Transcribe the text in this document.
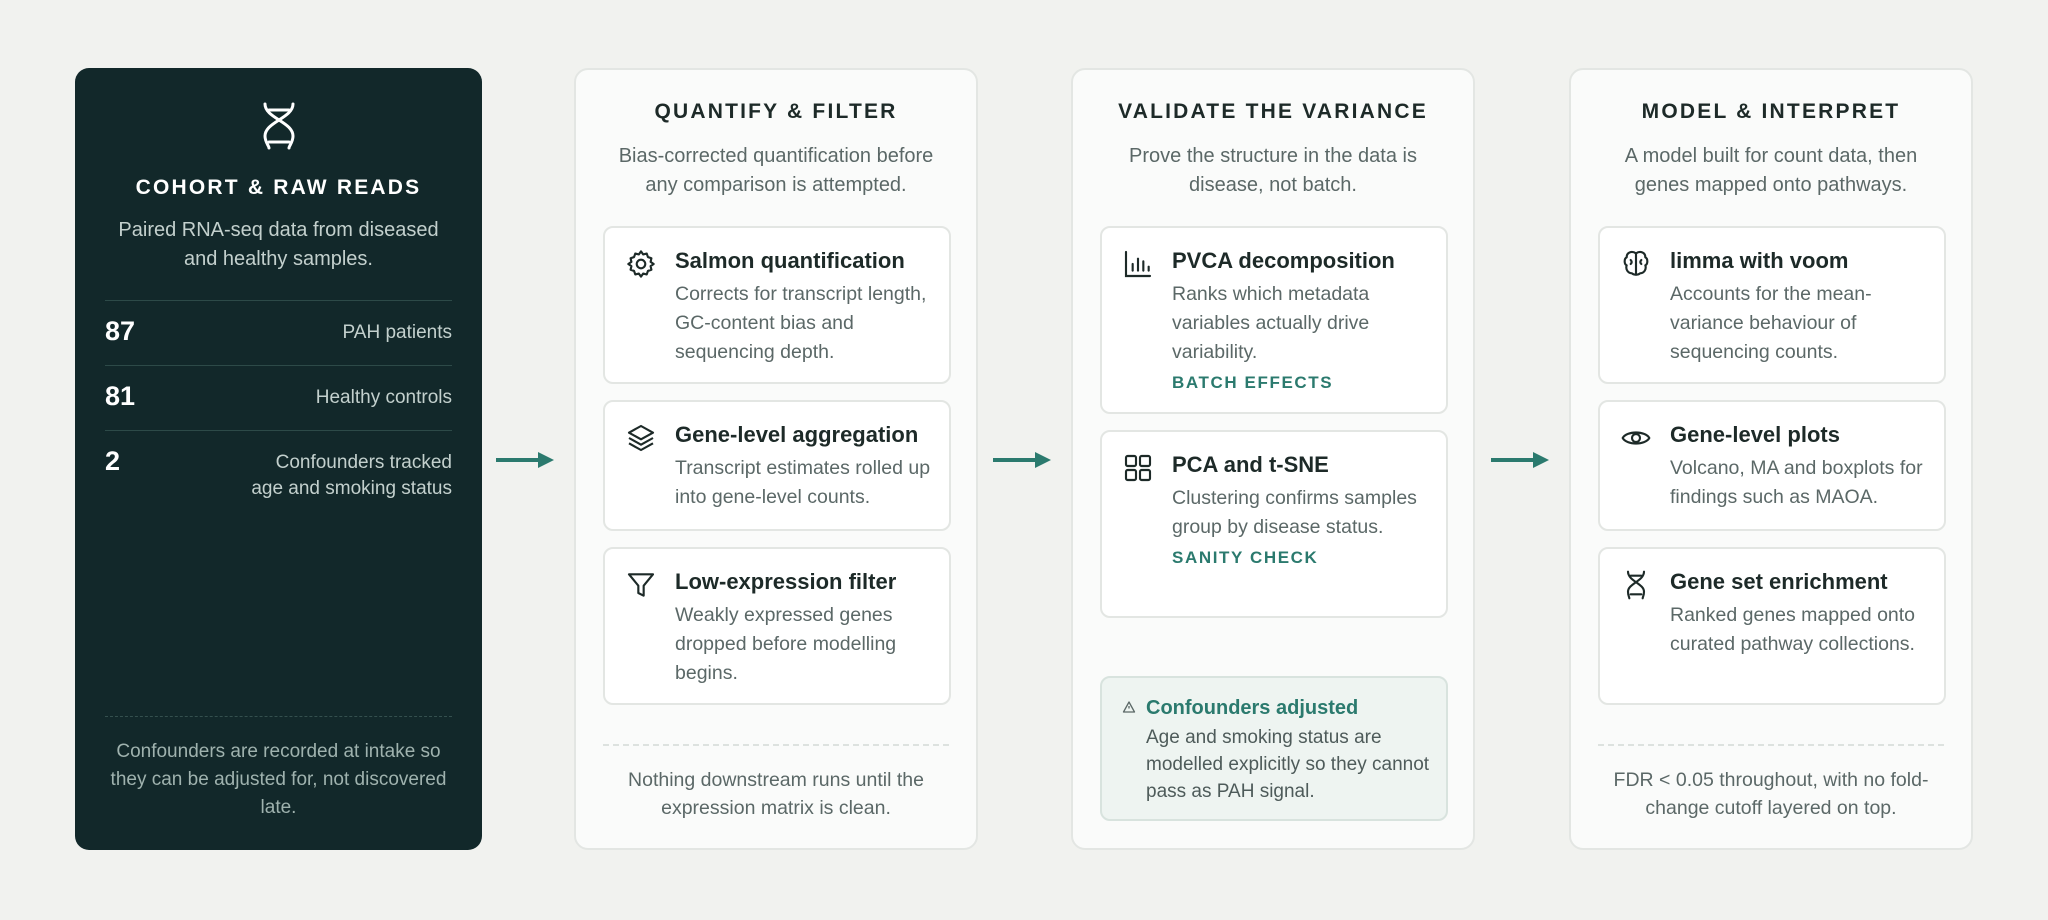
COHORT & RAW READS
Paired RNA-seq data from diseased and healthy samples.
87	PAH patients
81	Healthy controls
2	Confounders tracked
age and smoking status
Confounders are recorded at intake so they can be adjusted for, not discovered late.
QUANTIFY & FILTER
Bias-corrected quantification before any comparison is attempted.
Salmon quantification
Corrects for transcript length, GC-content bias and sequencing depth.
Gene-level aggregation
Transcript estimates rolled up into gene-level counts.
Low-expression filter
Weakly expressed genes dropped before modelling begins.
Nothing downstream runs until the expression matrix is clean.
VALIDATE THE VARIANCE
Prove the structure in the data is disease, not batch.
PVCA decomposition
Ranks which metadata variables actually drive variability.
BATCH EFFECTS
PCA and t-SNE
Clustering confirms samples group by disease status.
SANITY CHECK
Confounders adjusted
Age and smoking status are modelled explicitly so they cannot pass as PAH signal.
MODEL & INTERPRET
A model built for count data, then genes mapped onto pathways.
limma with voom
Accounts for the mean-variance behaviour of sequencing counts.
Gene-level plots
Volcano, MA and boxplots for findings such as MAOA.
Gene set enrichment
Ranked genes mapped onto curated pathway collections.
FDR < 0.05 throughout, with no fold-change cutoff layered on top.
